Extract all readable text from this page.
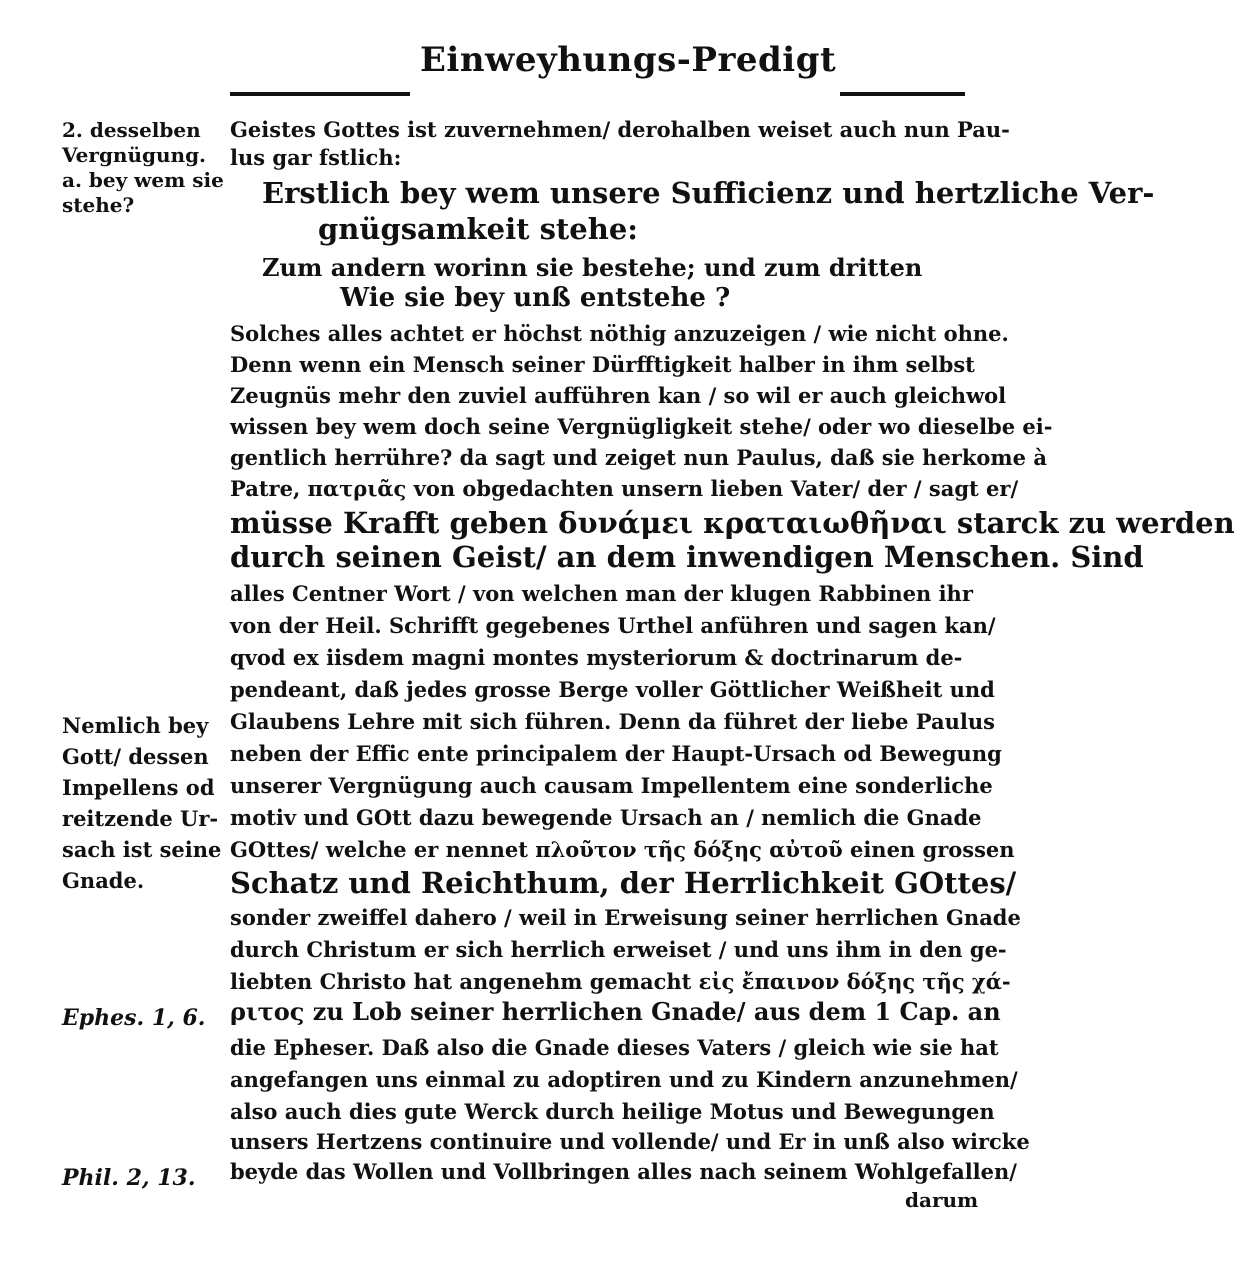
Einweyhungs-Predigt
2. desselben
Vergnügung.
a. bey wem sie
stehe?
Nemlich bey
Gott/ dessen
Impellens od
reitzende Ur-
sach ist seine
Gnade.
Ephes. 1, 6.
Phil. 2, 13.
Geistes Gottes ist zuvernehmen/ derohalben weiset auch nun Pau-
lus gar fstlich:
Erstlich bey wem unsere Sufficienz und hertzliche Ver-
gnügsamkeit stehe:
Zum andern worinn sie bestehe; und zum dritten
Wie sie bey unß entstehe ?
Solches alles achtet er höchst nöthig anzuzeigen / wie nicht ohne.
Denn wenn ein Mensch seiner Dürfftigkeit halber in ihm selbst
Zeugnüs mehr den zuviel aufführen kan / so wil er auch gleichwol
wissen bey wem doch seine Vergnügligkeit stehe/ oder wo dieselbe ei-
gentlich herrühre? da sagt und zeiget nun Paulus, daß sie herkome à
Patre, πατριᾶς von obgedachten unsern lieben Vater/ der / sagt er/
müsse Krafft geben δυνάμει κραταιωθῆναι starck zu werden
durch seinen Geist/ an dem inwendigen Menschen. Sind
alles Centner Wort / von welchen man der klugen Rabbinen ihr
von der Heil. Schrifft gegebenes Urthel anführen und sagen kan/
qvod ex iisdem magni montes mysteriorum & doctrinarum de-
pendeant, daß jedes grosse Berge voller Göttlicher Weißheit und
Glaubens Lehre mit sich führen. Denn da führet der liebe Paulus
neben der Effic ente principalem der Haupt-Ursach od Bewegung
unserer Vergnügung auch causam Impellentem eine sonderliche
motiv und GOtt dazu bewegende Ursach an / nemlich die Gnade
GOttes/ welche er nennet πλοῦτον τῆς δόξης αὐτοῦ einen grossen
Schatz und Reichthum, der Herrlichkeit GOttes/
sonder zweiffel dahero / weil in Erweisung seiner herrlichen Gnade
durch Christum er sich herrlich erweiset / und uns ihm in den ge-
liebten Christo hat angenehm gemacht εἰς ἔπαινον δόξης τῆς χά-
ριτος zu Lob seiner herrlichen Gnade/ aus dem 1 Cap. an
die Epheser. Daß also die Gnade dieses Vaters / gleich wie sie hat
angefangen uns einmal zu adoptiren und zu Kindern anzunehmen/
also auch dies gute Werck durch heilige Motus und Bewegungen
unsers Hertzens continuire und vollende/ und Er in unß also wircke
beyde das Wollen und Vollbringen alles nach seinem Wohlgefallen/
darum
